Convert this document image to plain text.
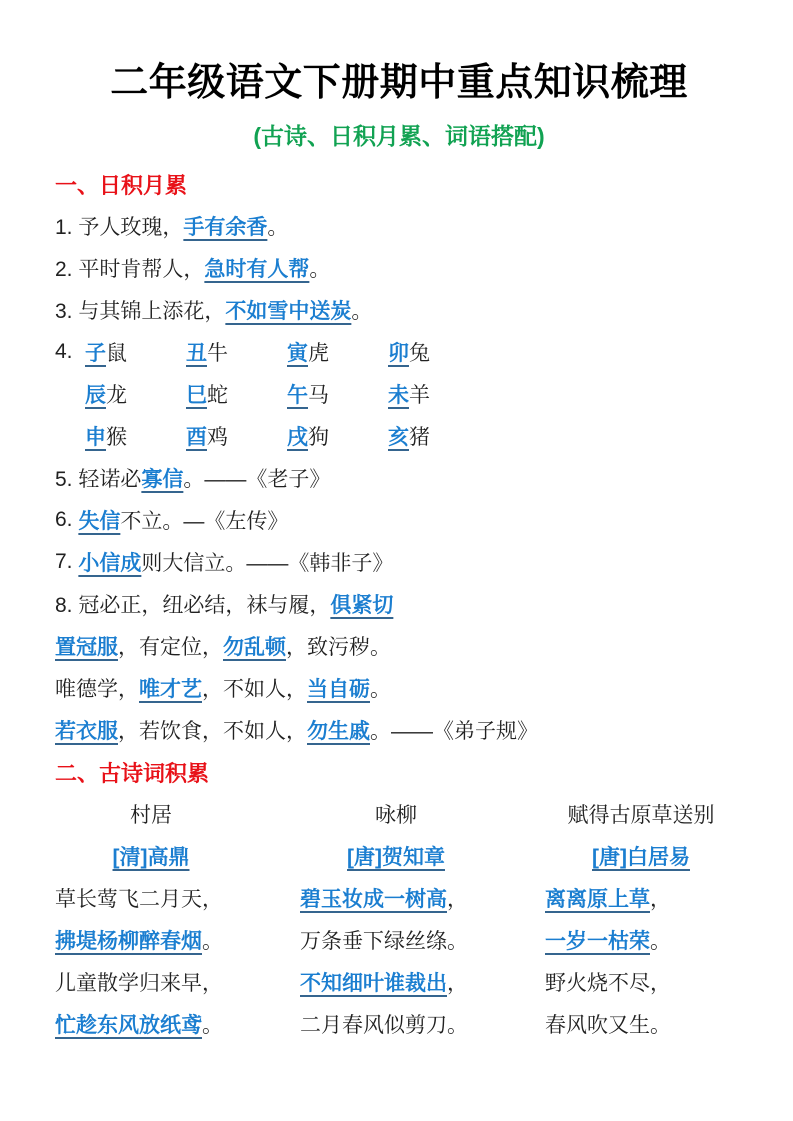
二年级语文下册期中重点知识梳理
(古诗、日积月累、词语搭配)
一、日积月累
1. 予人玫瑰， 手有余香 。
2. 平时肯帮人， 急时有人帮 。
3. 与其锦上添花， 不如雪中送炭 。
4. 子鼠	丑牛	寅虎	卯兔
辰龙	巳蛇	午马	未羊
申猴	酉鸡	戌狗	亥猪
5. 轻诺必 寡信 。——《老子》
6. 失信 不立。—《左传》
7. 小信成 则大信立。——《韩非子》
8. 冠必正，纽必结，袜与履， 俱紧切
置冠服 ，有定位， 勿乱顿 ，致污秽。
唯德学， 唯才艺 ，不如人， 当自砺 。
若衣服 ，若饮食，不如人， 勿生戚 。——《弟子规》
二、古诗词积累
村居
[清]高鼎
草长莺飞二月天，
拂堤杨柳醉春烟 。
儿童散学归来早，
忙趁东风放纸鸢 。
咏柳
[唐]贺知章
碧玉妆成一树高 ，
万条垂下绿丝绦。
不知细叶谁裁出 ，
二月春风似剪刀。
赋得古原草送别
[唐]白居易
离离原上草 ，
一岁一枯荣 。
野火烧不尽，
春风吹又生。
